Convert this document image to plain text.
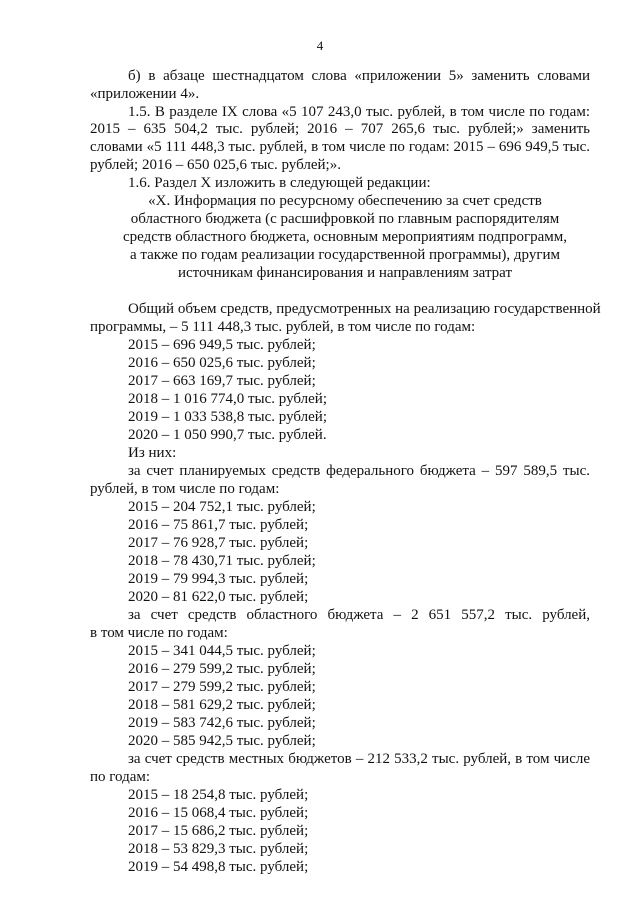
4
б) в абзаце шестнадцатом слова «приложении 5» заменить словами
«приложении 4».
1.5. В разделе IX слова «5 107 243,0 тыс. рублей, в том числе по годам:
2015 – 635 504,2 тыс. рублей; 2016 – 707 265,6 тыс. рублей;» заменить
словами «5 111 448,3 тыс. рублей, в том числе по годам: 2015 – 696 949,5 тыс.
рублей; 2016 – 650 025,6 тыс. рублей;».
1.6. Раздел X изложить в следующей редакции:
«X. Информация по ресурсному обеспечению за счет средств
областного бюджета (с расшифровкой по главным распорядителям
средств областного бюджета, основным мероприятиям подпрограмм,
а также по годам реализации государственной программы), другим
источникам финансирования и направлениям затрат
Общий объем средств, предусмотренных на реализацию государственной
программы, – 5 111 448,3 тыс. рублей, в том числе по годам:
2015 – 696 949,5 тыс. рублей;
2016 – 650 025,6 тыс. рублей;
2017 – 663 169,7 тыс. рублей;
2018 – 1 016 774,0 тыс. рублей;
2019 – 1 033 538,8 тыс. рублей;
2020 – 1 050 990,7 тыс. рублей.
Из них:
за счет планируемых средств федерального бюджета – 597 589,5 тыс.
рублей, в том числе по годам:
2015 – 204 752,1 тыс. рублей;
2016 – 75 861,7 тыс. рублей;
2017 – 76 928,7 тыс. рублей;
2018 – 78 430,71 тыс. рублей;
2019 – 79 994,3 тыс. рублей;
2020 – 81 622,0 тыс. рублей;
за счет средств областного бюджета – 2 651 557,2 тыс. рублей,
в том числе по годам:
2015 – 341 044,5 тыс. рублей;
2016 – 279 599,2 тыс. рублей;
2017 – 279 599,2 тыс. рублей;
2018 – 581 629,2 тыс. рублей;
2019 – 583 742,6 тыс. рублей;
2020 – 585 942,5 тыс. рублей;
за счет средств местных бюджетов – 212 533,2 тыс. рублей, в том числе
по годам:
2015 – 18 254,8 тыс. рублей;
2016 – 15 068,4 тыс. рублей;
2017 – 15 686,2 тыс. рублей;
2018 – 53 829,3 тыс. рублей;
2019 – 54 498,8 тыс. рублей;
